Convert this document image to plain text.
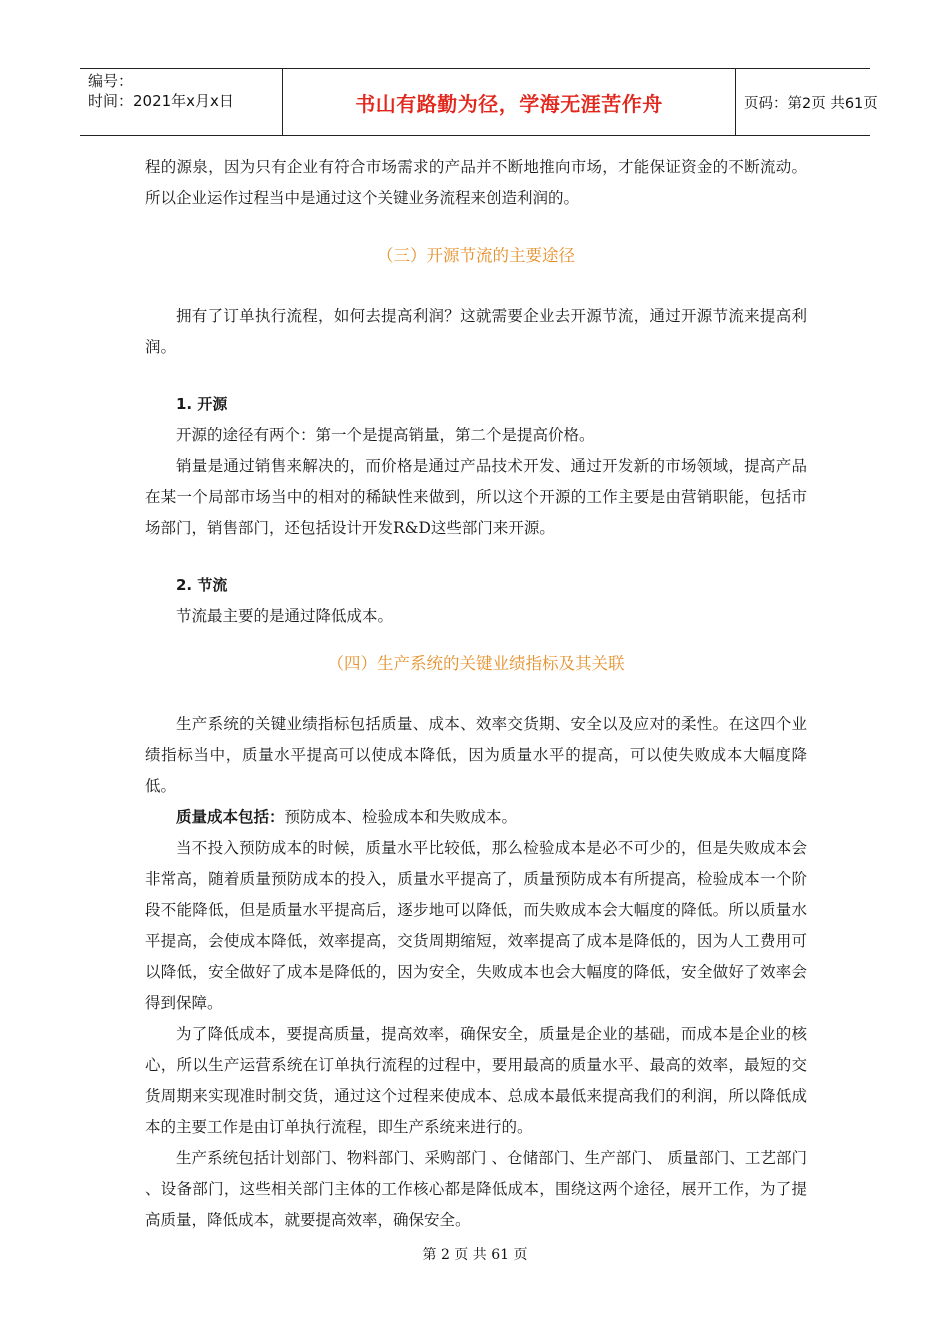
编号：
时间：2021年x月x日	书山有路勤为径，学海无涯苦作舟	页码：第2页 共61页

程的源泉，因为只有企业有符合市场需求的产品并不断地推向市场，才能保证资金的不断流动。所以企业运作过程当中是通过这个关键业务流程来创造利润的。

（三）开源节流的主要途径

拥有了订单执行流程，如何去提高利润？这就需要企业去开源节流，通过开源节流来提高利润。

1. 开源

开源的途径有两个：第一个是提高销量，第二个是提高价格。

销量是通过销售来解决的，而价格是通过产品技术开发、通过开发新的市场领域，提高产品在某一个局部市场当中的相对的稀缺性来做到，所以这个开源的工作主要是由营销职能，包括市场部门，销售部门，还包括设计开发R&D这些部门来开源。

2. 节流

节流最主要的是通过降低成本。

（四）生产系统的关键业绩指标及其关联

生产系统的关键业绩指标包括质量、成本、效率交货期、安全以及应对的柔性。在这四个业绩指标当中，质量水平提高可以使成本降低，因为质量水平的提高，可以使失败成本大幅度降低。

质量成本包括：预防成本、检验成本和失败成本。

当不投入预防成本的时候，质量水平比较低，那么检验成本是必不可少的，但是失败成本会非常高，随着质量预防成本的投入，质量水平提高了，质量预防成本有所提高，检验成本一个阶段不能降低，但是质量水平提高后，逐步地可以降低，而失败成本会大幅度的降低。所以质量水平提高，会使成本降低，效率提高，交货周期缩短，效率提高了成本是降低的，因为人工费用可以降低，安全做好了成本是降低的，因为安全，失败成本也会大幅度的降低，安全做好了效率会得到保障。

为了降低成本，要提高质量，提高效率，确保安全，质量是企业的基础，而成本是企业的核心，所以生产运营系统在订单执行流程的过程中，要用最高的质量水平、最高的效率，最短的交货周期来实现准时制交货，通过这个过程来使成本、总成本最低来提高我们的利润，所以降低成本的主要工作是由订单执行流程，即生产系统来进行的。

生产系统包括计划部门、物料部门、采购部门 、仓储部门、生产部门、 质量部门、工艺部门 、设备部门，这些相关部门主体的工作核心都是降低成本，围绕这两个途径，展开工作，为了提高质量，降低成本，就要提高效率，确保安全。

第 2 页 共 61 页
